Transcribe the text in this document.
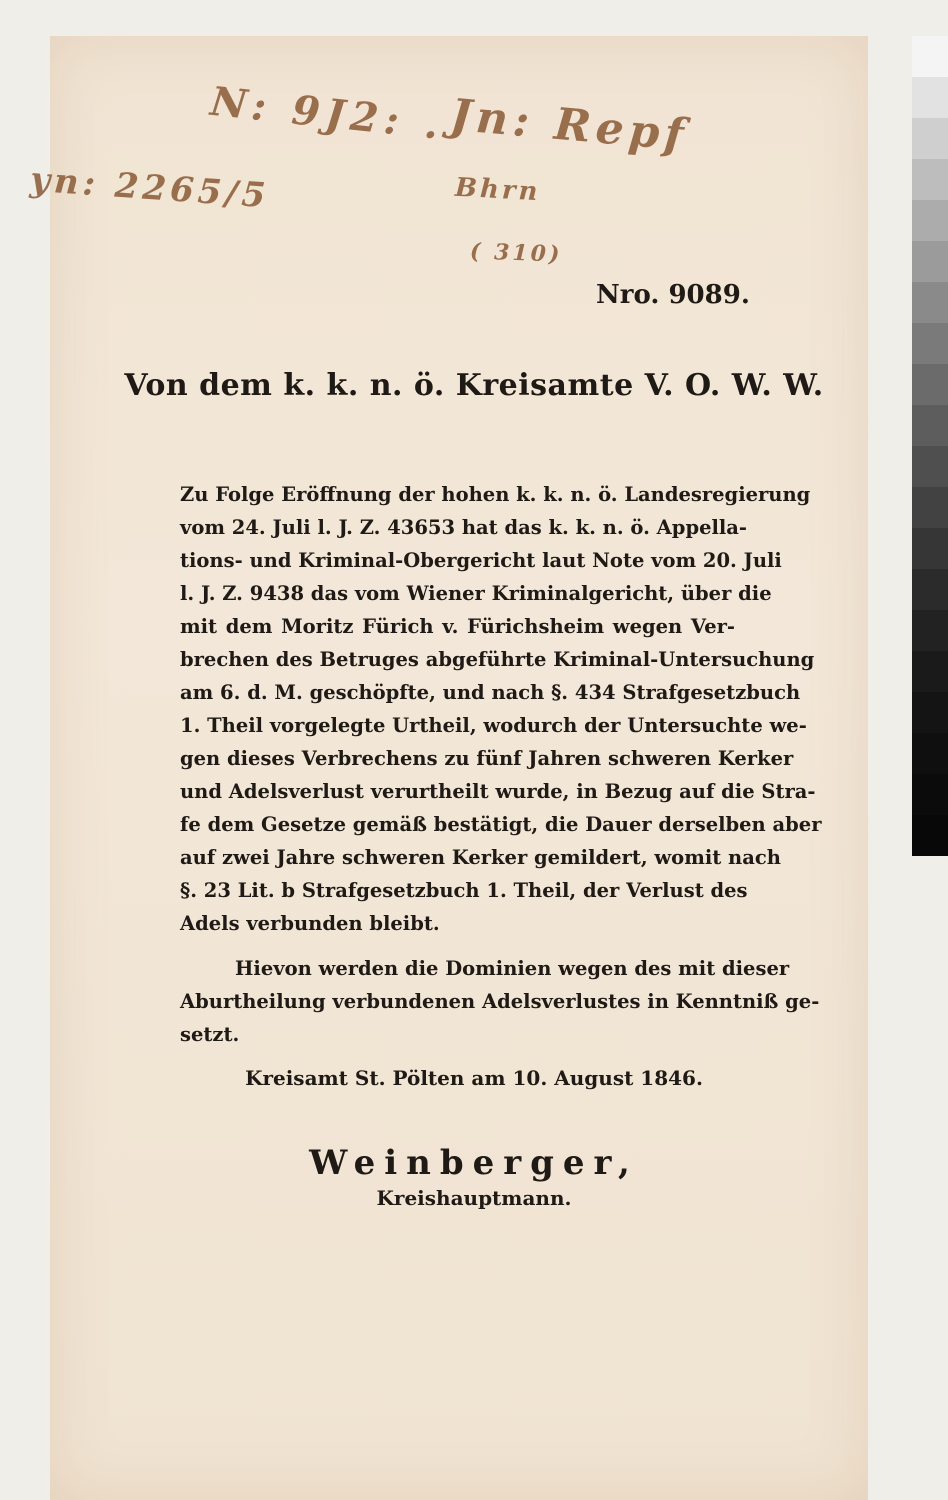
N: 9J2: .
yn: 2265/5
Jn: Repf
Bhrn
( 310)
Nro. 9089.
Von dem k. k. n. ö. Kreisamte V. O. W. W.
Zu Folge Eröffnung der hohen k. k. n. ö. Landesregierung
vom 24. Juli l. J. Z. 43653 hat das k. k. n. ö. Appella-
tions- und Kriminal-Obergericht laut Note vom 20. Juli
l. J. Z. 9438 das vom Wiener Kriminalgericht, über die
mit dem Moritz Fürich v. Fürichsheim wegen Ver-
brechen des Betruges abgeführte Kriminal-Untersuchung
am 6. d. M. geschöpfte, und nach §. 434 Strafgesetzbuch
1. Theil vorgelegte Urtheil, wodurch der Untersuchte we-
gen dieses Verbrechens zu fünf Jahren schweren Kerker
und Adelsverlust verurtheilt wurde, in Bezug auf die Stra-
fe dem Gesetze gemäß bestätigt, die Dauer derselben aber
auf zwei Jahre schweren Kerker gemildert, womit nach
§. 23 Lit. b Strafgesetzbuch 1. Theil, der Verlust des
Adels verbunden bleibt.
Hievon werden die Dominien wegen des mit dieser
Aburtheilung verbundenen Adelsverlustes in Kenntniß ge-
setzt.
Kreisamt St. Pölten am 10. August 1846.
Weinberger,
Kreishauptmann.
